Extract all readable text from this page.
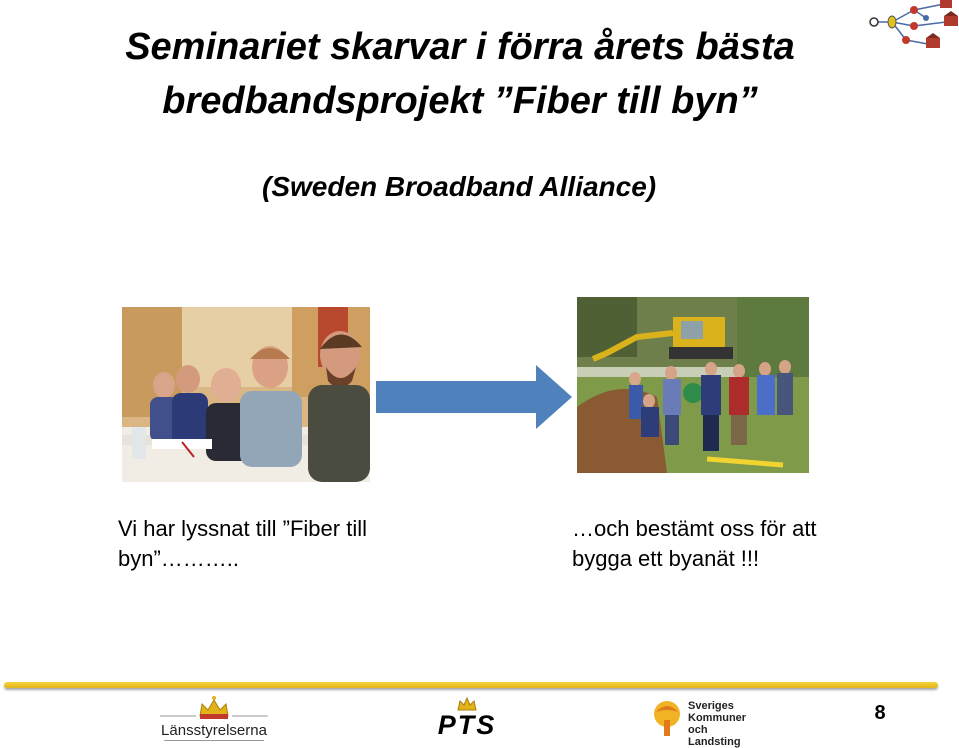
Seminariet skarvar i förra årets bästa

bredbandsprojekt ”Fiber till byn”

(Sweden Broadband Alliance)

Vi har lyssnat till ”Fiber till byn”………..

…och bestämt oss för att bygga ett byanät !!!

Länsstyrelserna	PTS
Sveriges
Kommuner
och Landsting
8
